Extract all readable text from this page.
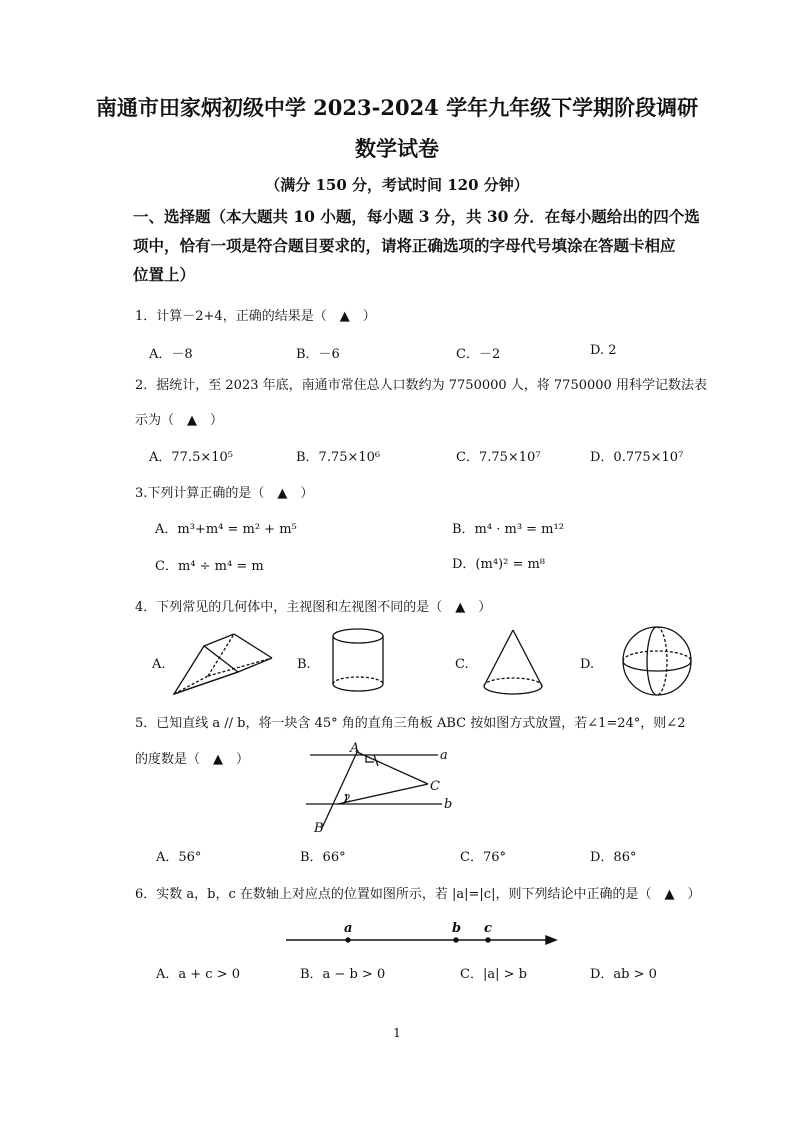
南通市田家炳初级中学 2023-2024 学年九年级下学期阶段调研
数学试卷
（满分 150 分，考试时间 120 分钟）
一、选择题（本大题共 10 小题，每小题 3 分，共 30 分．在每小题给出的四个选
项中，恰有一项是符合题目要求的，请将正确选项的字母代号填涂在答题卡相应
位置上）
1．计算－2+4，正确的结果是（　▲　）
A．－8	B．－6	C．－2	D. 2
2．据统计，至 2023 年底，南通市常住总人口数约为 7750000 人，将 7750000 用科学记数法表
示为（　▲　）
A．77.5×10⁵	B．7.75×10⁶	C．7.75×10⁷	D．0.775×10⁷
3.下列计算正确的是（　▲　）
A．m³+m⁴ = m² + m⁵	B．m⁴ · m³ = m¹²
C．m⁴ ÷ m⁴ = m	D．(m⁴)² = m⁸
4．下列常见的几何体中，主视图和左视图不同的是（　▲　）
A.	B.	C.	D.
5．已知直线 a // b，将一块含 45° 角的直角三角板 ABC 按如图方式放置，若∠1=24°，则∠2
的度数是（　▲　）
A	a
C
b
B
2
1
A．56°	B．66°	C．76°	D．86°
6．实数 a，b，c 在数轴上对应点的位置如图所示，若 |a|=|c|，则下列结论中正确的是（　▲　）
a	b c
A．a + c > 0	B．a − b > 0	C．|a| > b	D．ab > 0
1
